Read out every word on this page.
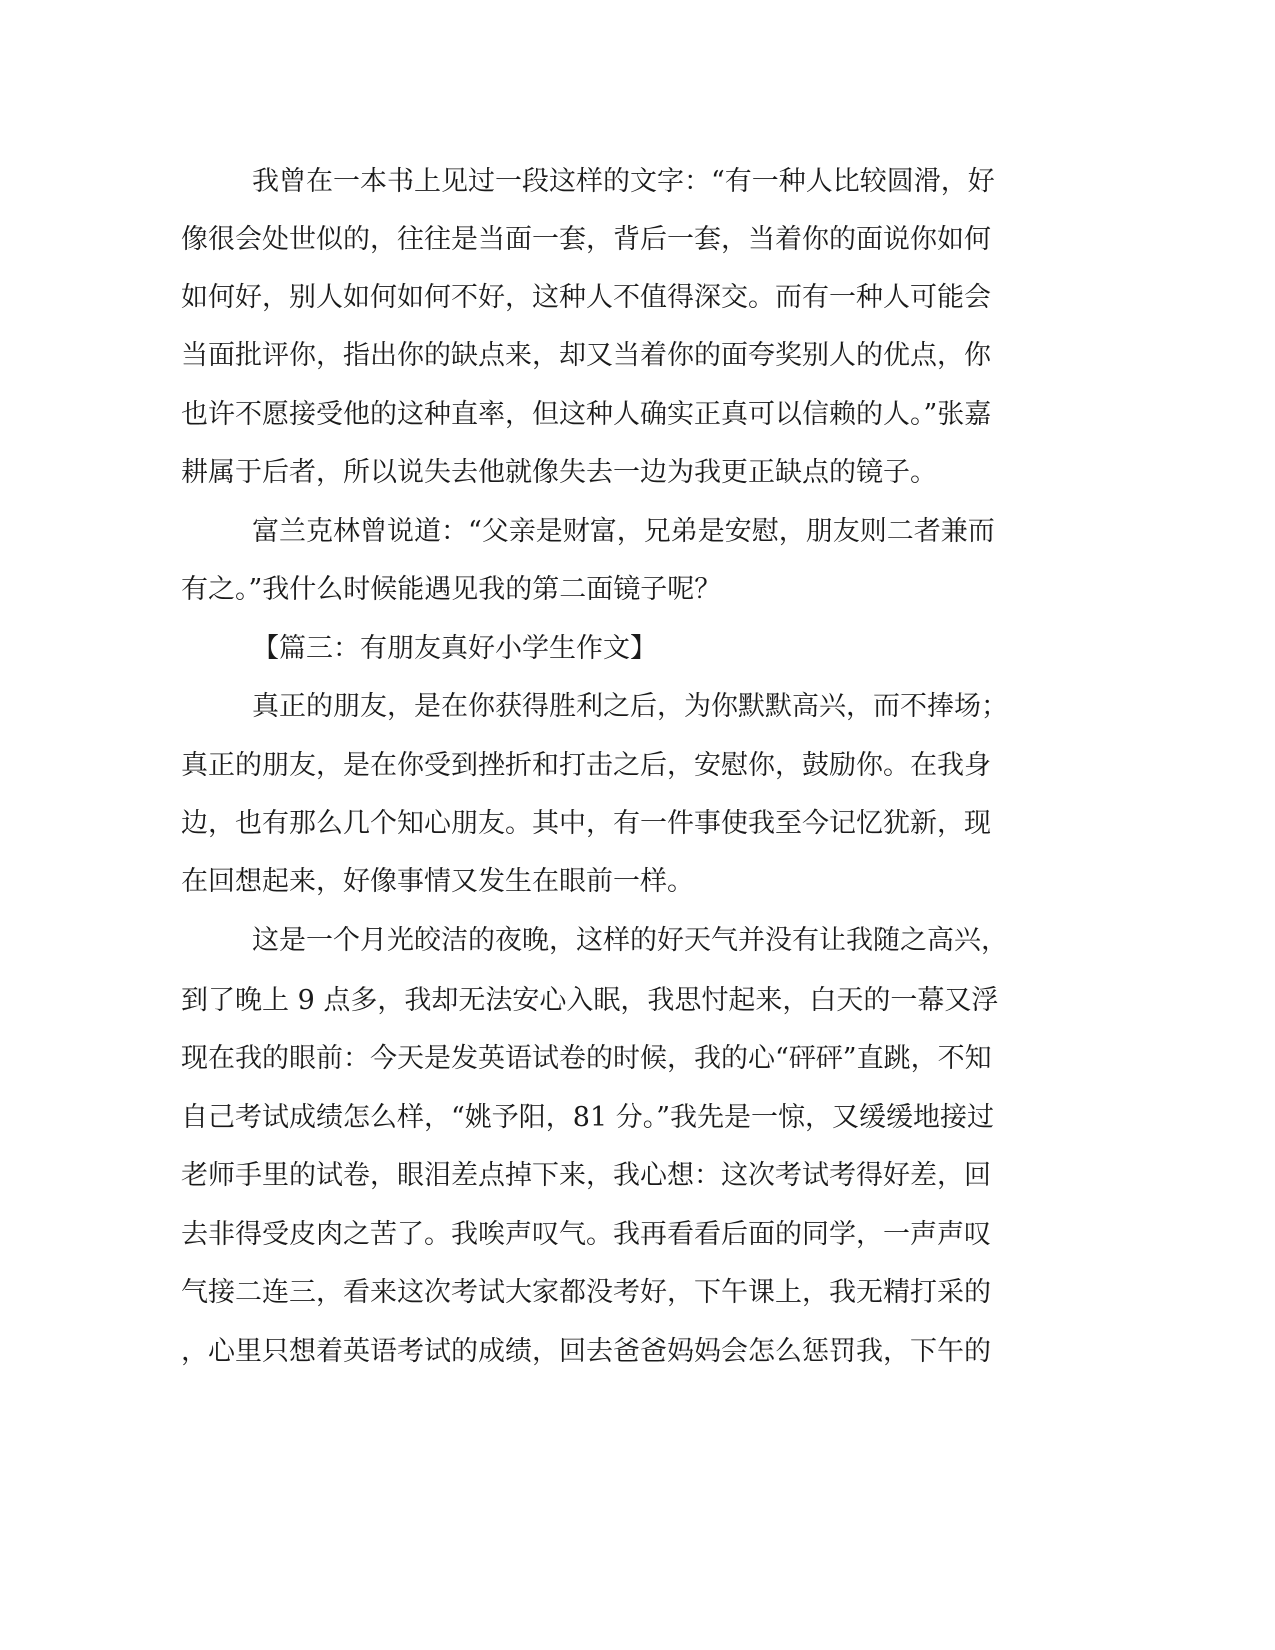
我曾在一本书上见过一段这样的文字：“有一种人比较圆滑，好
像很会处世似的，往往是当面一套，背后一套，当着你的面说你如何
如何好，别人如何如何不好，这种人不值得深交。而有一种人可能会
当面批评你，指出你的缺点来，却又当着你的面夸奖别人的优点，你
也许不愿接受他的这种直率，但这种人确实正真可以信赖的人。”张嘉
耕属于后者，所以说失去他就像失去一边为我更正缺点的镜子。
富兰克林曾说道：“父亲是财富，兄弟是安慰，朋友则二者兼而
有之。”我什么时候能遇见我的第二面镜子呢？
【篇三：有朋友真好小学生作文】
真正的朋友，是在你获得胜利之后，为你默默高兴，而不捧场；
真正的朋友，是在你受到挫折和打击之后，安慰你，鼓励你。在我身
边，也有那么几个知心朋友。其中，有一件事使我至今记忆犹新，现
在回想起来，好像事情又发生在眼前一样。
这是一个月光皎洁的夜晚，这样的好天气并没有让我随之高兴，
到了晚上 9 点多，我却无法安心入眠，我思忖起来，白天的一幕又浮
现在我的眼前：今天是发英语试卷的时候，我的心“砰砰”直跳，不知
自己考试成绩怎么样，“姚予阳，81 分。”我先是一惊，又缓缓地接过
老师手里的试卷，眼泪差点掉下来，我心想：这次考试考得好差，回
去非得受皮肉之苦了。我唉声叹气。我再看看后面的同学，一声声叹
气接二连三，看来这次考试大家都没考好，下午课上，我无精打采的
，心里只想着英语考试的成绩，回去爸爸妈妈会怎么惩罚我，下午的
